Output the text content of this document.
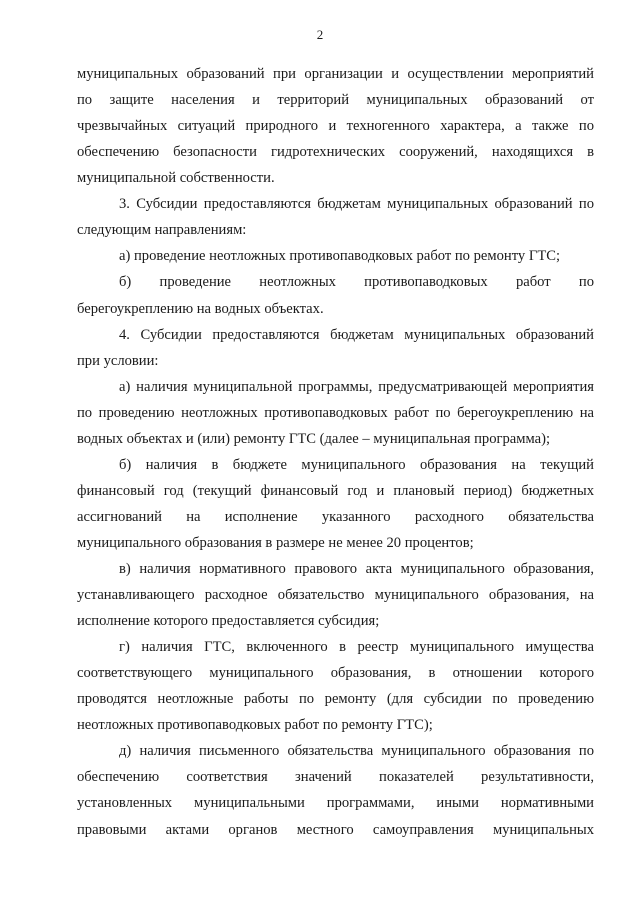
2
муниципальных образований при организации и осуществлении мероприятий
по защите населения и территорий муниципальных образований от
чрезвычайных ситуаций природного и техногенного характера, а также по
обеспечению безопасности гидротехнических сооружений, находящихся в
муниципальной собственности.
3. Субсидии предоставляются бюджетам муниципальных образований по
следующим направлениям:
а) проведение неотложных противопаводковых работ по ремонту ГТС;
б) проведение неотложных противопаводковых работ по
берегоукреплению на водных объектах.
4. Субсидии предоставляются бюджетам муниципальных образований
при условии:
а) наличия муниципальной программы, предусматривающей мероприятия
по проведению неотложных противопаводковых работ по берегоукреплению на
водных объектах и (или) ремонту ГТС (далее – муниципальная программа);
б) наличия в бюджете муниципального образования на текущий
финансовый год (текущий финансовый год и плановый период) бюджетных
ассигнований на исполнение указанного расходного обязательства
муниципального образования в размере не менее 20 процентов;
в) наличия нормативного правового акта муниципального образования,
устанавливающего расходное обязательство муниципального образования, на
исполнение которого предоставляется субсидия;
г) наличия ГТС, включенного в реестр муниципального имущества
соответствующего муниципального образования, в отношении которого
проводятся неотложные работы по ремонту (для субсидии по проведению
неотложных противопаводковых работ по ремонту ГТС);
д) наличия письменного обязательства муниципального образования по
обеспечению соответствия значений показателей результативности,
установленных муниципальными программами, иными нормативными
правовыми актами органов местного самоуправления муниципальных
